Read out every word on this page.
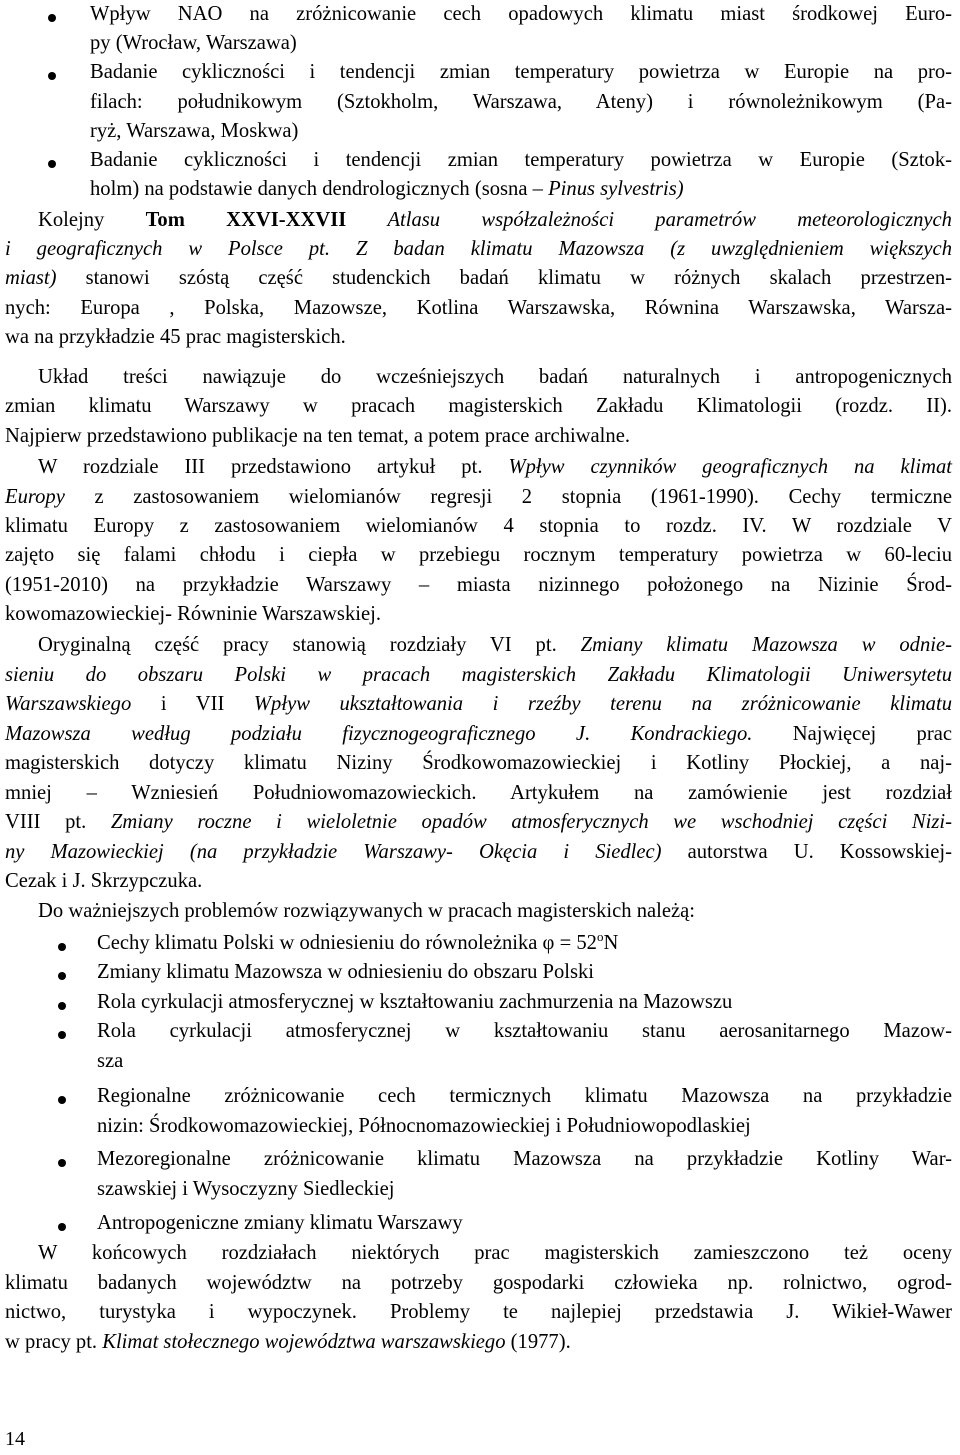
Wpływ NAO na zróżnicowanie cech opadowych klimatu miast środkowej Euro-
py (Wrocław, Warszawa)
Badanie cykliczności i tendencji zmian temperatury powietrza w Europie na pro-
filach: południkowym (Sztokholm, Warszawa, Ateny) i równoleżnikowym (Pa-
ryż, Warszawa, Moskwa)
Badanie cykliczności i tendencji zmian temperatury powietrza w Europie (Sztok-
holm) na podstawie danych dendrologicznych (sosna – Pinus sylvestris)
Kolejny Tom XXVI-XXVII Atlasu współzależności parametrów meteorologicznych
i geograficznych w Polsce pt. Z badan klimatu Mazowsza (z uwzględnieniem większych
miast) stanowi szóstą część studenckich badań klimatu w różnych skalach przestrzen-
nych: Europa , Polska, Mazowsze, Kotlina Warszawska, Równina Warszawska, Warsza-
wa na przykładzie 45 prac magisterskich.
Układ treści nawiązuje do wcześniejszych badań naturalnych i antropogenicznych
zmian klimatu Warszawy w pracach magisterskich Zakładu Klimatologii (rozdz. II).
Najpierw przedstawiono publikacje na ten temat, a potem prace archiwalne.
W rozdziale III przedstawiono artykuł pt. Wpływ czynników geograficznych na klimat
Europy z zastosowaniem wielomianów regresji 2 stopnia (1961-1990). Cechy termiczne
klimatu Europy z zastosowaniem wielomianów 4 stopnia to rozdz. IV. W rozdziale V
zajęto się falami chłodu i ciepła w przebiegu rocznym temperatury powietrza w 60-leciu
(1951-2010) na przykładzie Warszawy – miasta nizinnego położonego na Nizinie Środ-
kowomazowieckiej- Równinie Warszawskiej.
Oryginalną część pracy stanowią rozdziały VI pt. Zmiany klimatu Mazowsza w odnie-
sieniu do obszaru Polski w pracach magisterskich Zakładu Klimatologii Uniwersytetu
Warszawskiego i VII Wpływ ukształtowania i rzeźby terenu na zróżnicowanie klimatu
Mazowsza według podziału fizycznogeograficznego J. Kondrackiego. Najwięcej prac
magisterskich dotyczy klimatu Niziny Środkowomazowieckiej i Kotliny Płockiej, a naj-
mniej – Wzniesień Południowomazowieckich. Artykułem na zamówienie jest rozdział
VIII pt. Zmiany roczne i wieloletnie opadów atmosferycznych we wschodniej części Nizi-
ny Mazowieckiej (na przykładzie Warszawy- Okęcia i Siedlec) autorstwa U. Kossowskiej-
Cezak i J. Skrzypczuka.
Do ważniejszych problemów rozwiązywanych w pracach magisterskich należą:
Cechy klimatu Polski w odniesieniu do równoleżnika $\varphi = 52^oN$
Zmiany klimatu Mazowsza w odniesieniu do obszaru Polski
Rola cyrkulacji atmosferycznej w kształtowaniu zachmurzenia na Mazowszu
Rola cyrkulacji atmosferycznej w kształtowaniu stanu aerosanitarnego Mazow-
sza
Regionalne zróżnicowanie cech termicznych klimatu Mazowsza na przykładzie
nizin: Środkowomazowieckiej, Północnomazowieckiej i Południowopodlaskiej
Mezoregionalne zróżnicowanie klimatu Mazowsza na przykładzie Kotliny War-
szawskiej i Wysoczyzny Siedleckiej
Antropogeniczne zmiany klimatu Warszawy
W końcowych rozdziałach niektórych prac magisterskich zamieszczono też oceny
klimatu badanych województw na potrzeby gospodarki człowieka np. rolnictwo, ogrod-
nictwo, turystyka i wypoczynek. Problemy te najlepiej przedstawia J. Wikieł-Wawer
w pracy pt. Klimat stołecznego województwa warszawskiego (1977).
14
